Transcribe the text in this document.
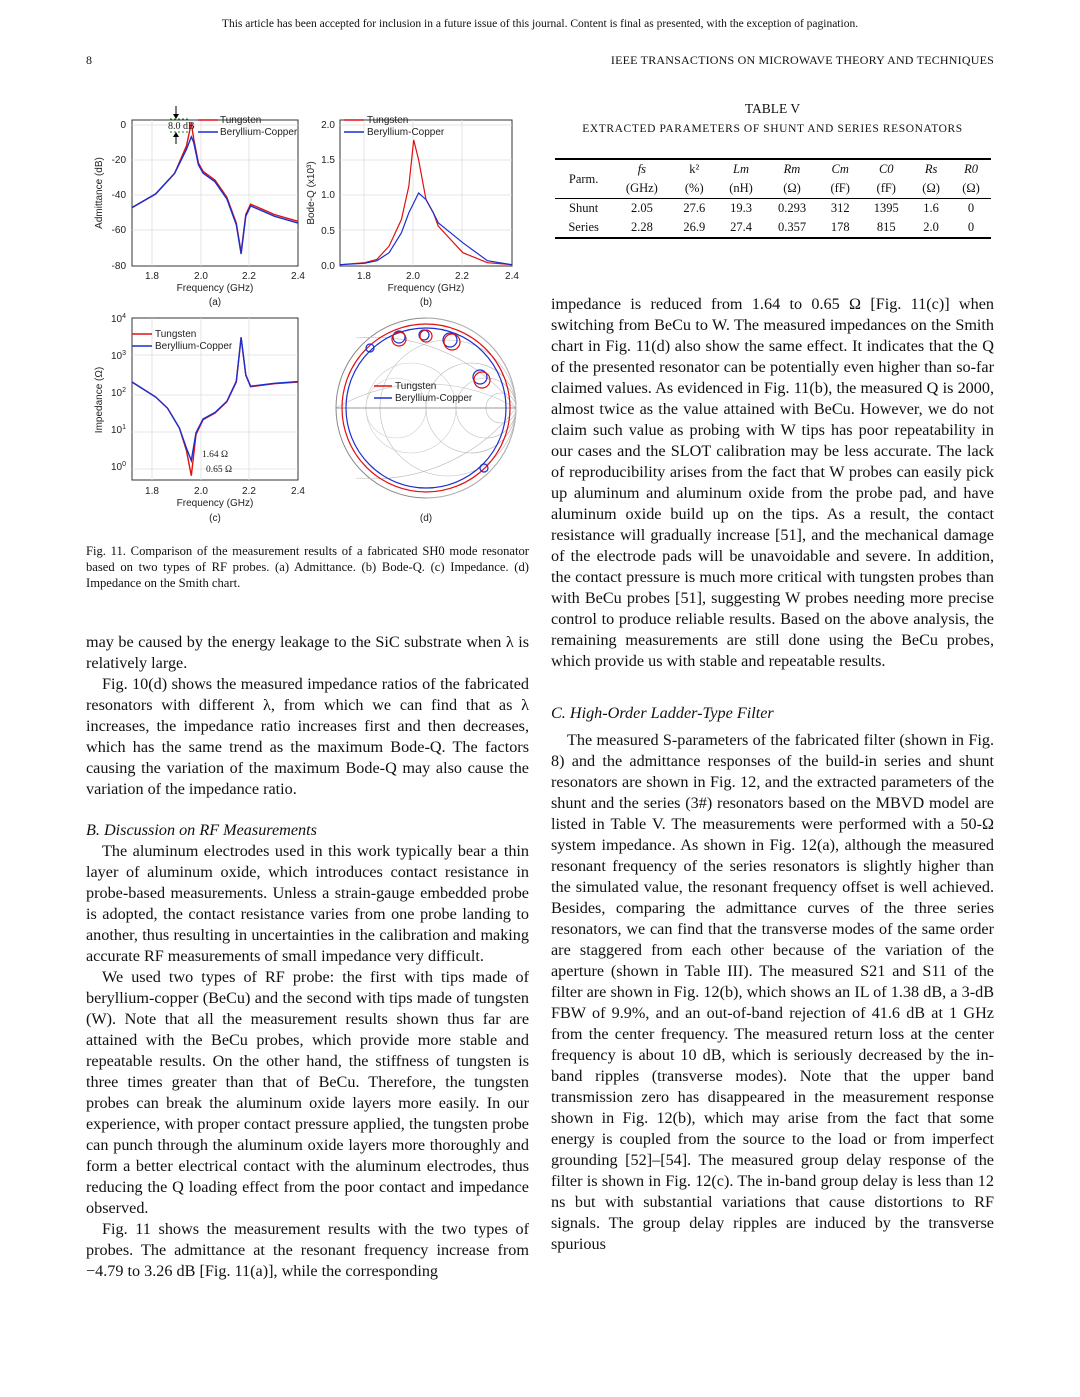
This article has been accepted for inclusion in a future issue of this journal. Content is final as presented, with the exception of pagination.
8	IEEE TRANSACTIONS ON MICROWAVE THEORY AND TECHNIQUES
0
-20
-40
-60
-80
1.8	2.0	2.2	2.4
Frequency (GHz)
Admittance (dB)
8.0 dB
Tungsten
Beryllium-Copper
(a)
0.0
0.5
1.0
1.5
2.0
1.8	2.0	2.2	2.4
Frequency (GHz)
Bode-Q (x10³)
Tungsten
Beryllium-Copper
(b)
$10^4$
$10^3$
$10^2$
$10^1$
$10^0$
1.8	2.0	2.2	2.4
Frequency (GHz)
Impedance (Ω)
Tungsten
Beryllium-Copper
1.64 Ω
0.65 Ω
(c)
Tungsten
Beryllium-Copper
(d)
Fig. 11. Comparison of the measurement results of a fabricated SH0 mode resonator based on two types of RF probes. (a) Admittance. (b) Bode-Q. (c) Impedance. (d) Impedance on the Smith chart.

may be caused by the energy leakage to the SiC substrate when λ is relatively large.

Fig. 10(d) shows the measured impedance ratios of the fabricated resonators with different λ, from which we can find that as λ increases, the impedance ratio increases first and then decreases, which has the same trend as the maximum Bode-Q. The factors causing the variation of the maximum Bode-Q may also cause the variation of the impedance ratio.

B. Discussion on RF Measurements

The aluminum electrodes used in this work typically bear a thin layer of aluminum oxide, which introduces contact resistance in probe-based measurements. Unless a strain-gauge embedded probe is adopted, the contact resistance varies from one probe landing to another, thus resulting in uncertainties in the calibration and making accurate RF measurements of small impedance very difficult.

We used two types of RF probe: the first with tips made of beryllium-copper (BeCu) and the second with tips made of tungsten (W). Note that all the measurement results shown thus far are attained with the BeCu probes, which provide more stable and repeatable results. On the other hand, the stiffness of tungsten is three times greater than that of BeCu. Therefore, the tungsten probes can break the aluminum oxide layers more easily. In our experience, with proper contact pressure applied, the tungsten probe can punch through the aluminum oxide layers more thoroughly and form a better electrical contact with the aluminum electrodes, thus reducing the Q loading effect from the poor contact and impedance observed.

Fig. 11 shows the measurement results with the two types of probes. The admittance at the resonant frequency increase from −4.79 to 3.26 dB [Fig. 11(a)], while the corresponding

TABLE V
EXTRACTED PARAMETERS OF SHUNT AND SERIES RESONATORS
Parm.	fs	k²	Lm	Rm	Cm	C0	Rs	R0
	(GHz)	(%)	(nH)	(Ω)	(fF)	(fF)	(Ω)	(Ω)
Shunt	2.05	27.6	19.3	0.293	312	1395	1.6	0
Series	2.28	26.9	27.4	0.357	178	815	2.0	0

impedance is reduced from 1.64 to 0.65 Ω [Fig. 11(c)] when switching from BeCu to W. The measured impedances on the Smith chart in Fig. 11(d) also show the same effect. It indicates that the Q of the presented resonator can be potentially even higher than so-far claimed values. As evidenced in Fig. 11(b), the measured Q is 2000, almost twice as the value attained with BeCu. However, we do not claim such value as probing with W tips has poor repeatability in our cases and the SLOT calibration may be less accurate. The lack of reproducibility arises from the fact that W probes can easily pick up aluminum and aluminum oxide from the probe pad, and have aluminum oxide build up on the tips. As a result, the contact resistance will gradually increase [51], and the mechanical damage of the electrode pads will be unavoidable and severe. In addition, the contact pressure is much more critical with tungsten probes than with BeCu probes [51], suggesting W probes needing more precise control to produce reliable results. Based on the above analysis, the remaining measurements are still done using the BeCu probes, which provide us with stable and repeatable results.

C. High-Order Ladder-Type Filter

The measured S-parameters of the fabricated filter (shown in Fig. 8) and the admittance responses of the build-in series and shunt resonators are shown in Fig. 12, and the extracted parameters of the shunt and the series (3#) resonators based on the MBVD model are listed in Table V. The measurements were performed with a 50-Ω system impedance. As shown in Fig. 12(a), although the measured resonant frequency of the series resonators is slightly higher than the simulated value, the resonant frequency offset is well achieved. Besides, comparing the admittance curves of the three series resonators, we can find that the transverse modes of the same order are staggered from each other because of the variation of the aperture (shown in Table III). The measured S21 and S11 of the filter are shown in Fig. 12(b), which shows an IL of 1.38 dB, a 3-dB FBW of 9.9%, and an out-of-band rejection of 41.6 dB at 1 GHz from the center frequency. The measured return loss at the center frequency is about 10 dB, which is seriously decreased by the in-band ripples (transverse modes). Note that the upper band transmission zero has disappeared in the measurement response shown in Fig. 12(b), which may arise from the fact that some energy is coupled from the source to the load or from imperfect grounding [52]–[54]. The measured group delay response of the filter is shown in Fig. 12(c). The in-band group delay is less than 12 ns but with substantial variations that cause distortions to RF signals. The group delay ripples are induced by the transverse spurious
